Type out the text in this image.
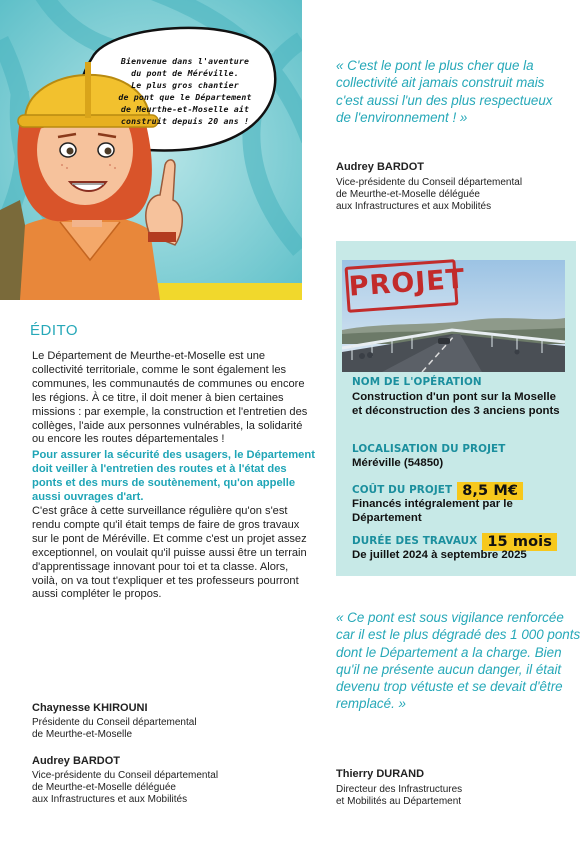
Bienvenue dans l'aventure
du pont de Méréville.
Le plus gros chantier
de pont que le Département
de Meurthe-et-Moselle ait
construit depuis 20 ans !
ÉDITO

Le Département de Meurthe-et-Moselle est une collectivité territoriale, comme le sont également les communes, les communautés de communes ou encore les régions. À ce titre, il doit mener à bien certaines missions : par exemple, la construction et l'entretien des collèges, l'aide aux personnes vulnérables, la solidarité ou encore les routes départementales !

Pour assurer la sécurité des usagers, le Département doit veiller à l'entretien des routes et à l'état des ponts et des murs de soutènement, qu'on appelle aussi ouvrages d'art.

C'est grâce à cette surveillance régulière qu'on s'est rendu compte qu'il était temps de faire de gros travaux sur le pont de Méréville. Et comme c'est un projet assez exceptionnel, on voulait qu'il puisse aussi être un terrain d'apprentissage innovant pour toi et ta classe. Alors, voilà, on va tout t'expliquer et tes professeurs pourront aussi compléter le propos.

Chaynesse KHIROUNI
Présidente du Conseil départemental
de Meurthe-et-Moselle
Audrey BARDOT
Vice-présidente du Conseil départemental
de Meurthe-et-Moselle déléguée
aux Infrastructures et aux Mobilités
« C'est le pont le plus cher que la collectivité ait jamais construit mais c'est aussi l'un des plus respectueux de l'environnement ! »
Audrey BARDOT
Vice-présidente du Conseil départemental
de Meurthe-et-Moselle déléguée
aux Infrastructures et aux Mobilités
PROJET
NOM DE L'OPÉRATION
Construction d'un pont sur la Moselle et déconstruction des 3 anciens ponts
LOCALISATION DU PROJET
Méréville (54850)
COÛT DU PROJET 8,5 M€
Financés intégralement par le Département
DURÉE DES TRAVAUX 15 mois
De juillet 2024 à septembre 2025
« Ce pont est sous vigilance renforcée car il est le plus dégradé des 1 000 ponts dont le Département a la charge. Bien qu'il ne présente aucun danger, il était devenu trop vétuste et se devait d'être remplacé. »
Thierry DURAND
Directeur des Infrastructures
et Mobilités au Département
